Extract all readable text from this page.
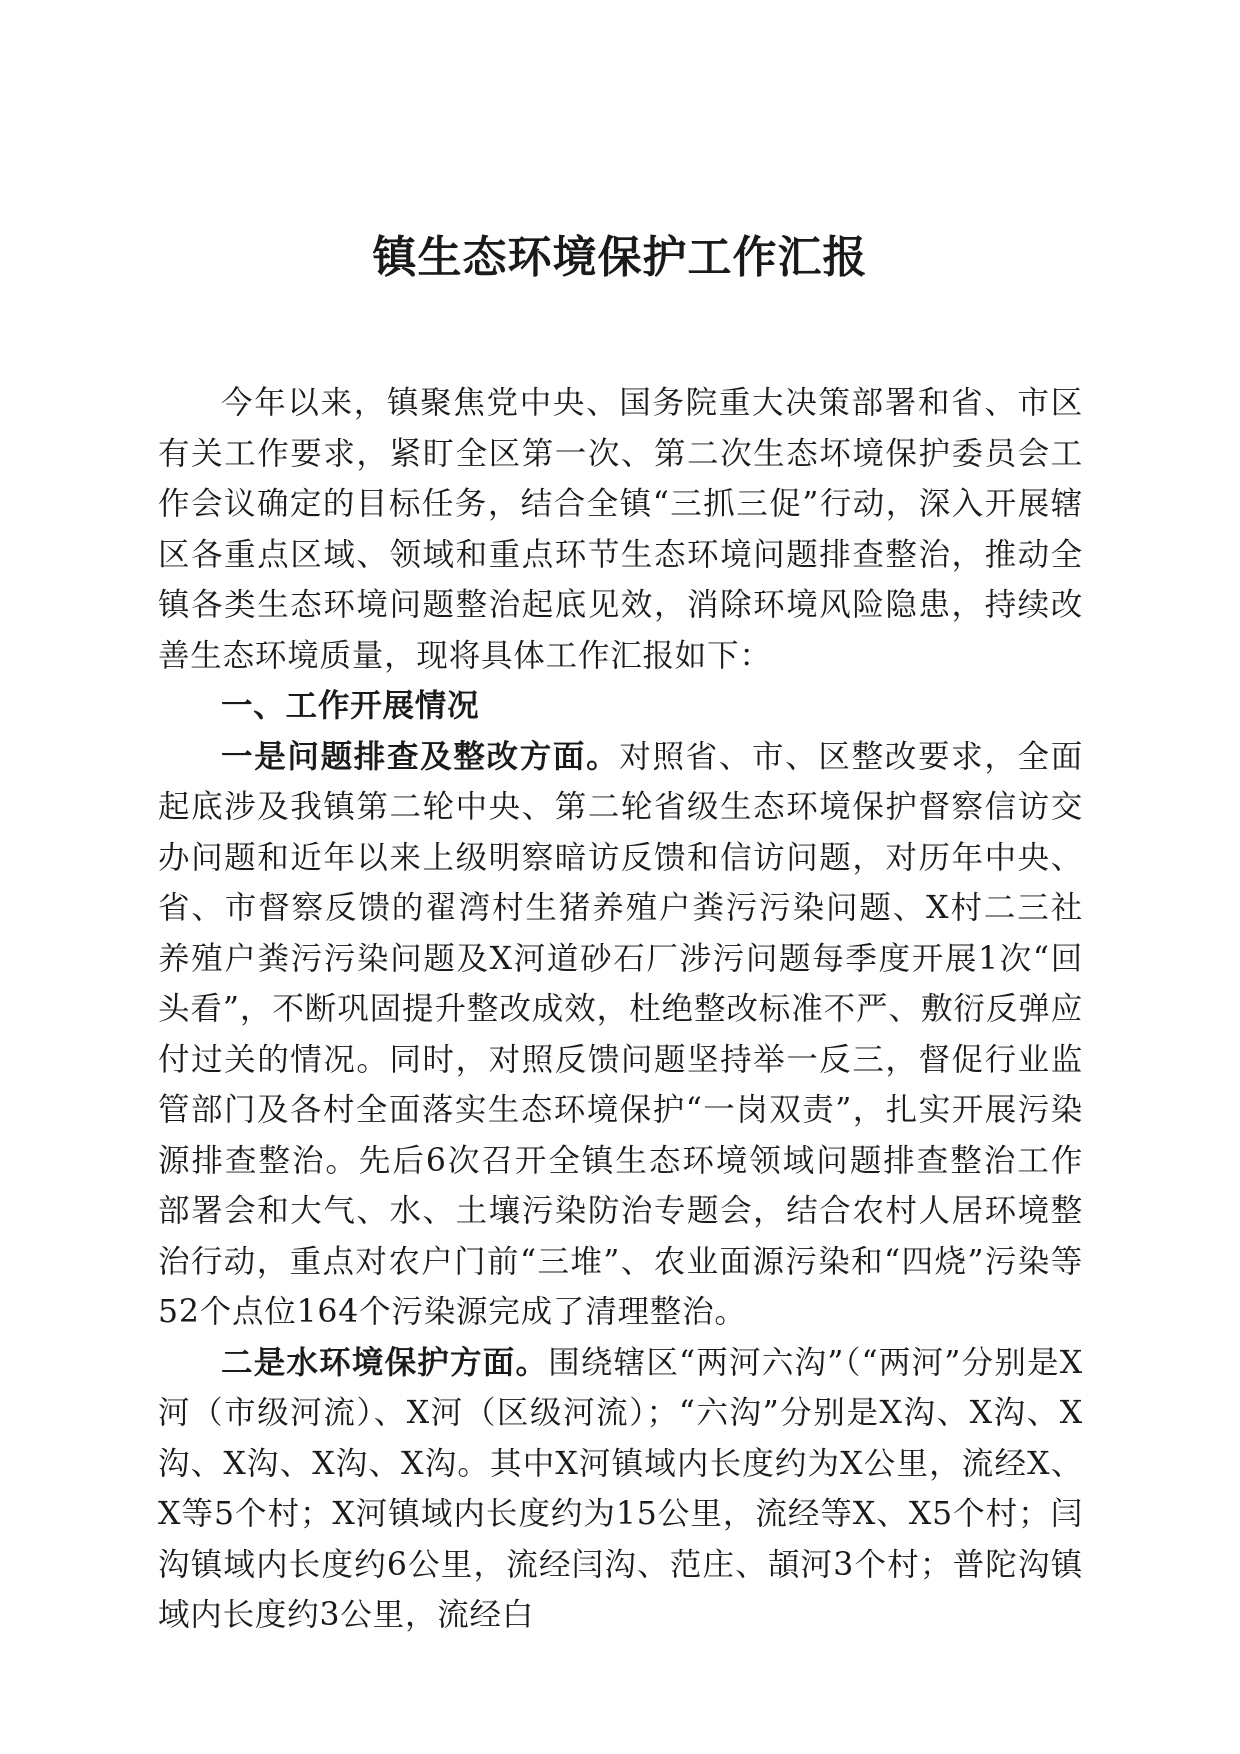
镇生态环境保护工作汇报

今年以来，镇聚焦党中央、国务院重大决策部署和省、市区有关工作要求，紧盯全区第一次、第二次生态坏境保护委员会工作会议确定的目标任务，结合全镇“三抓三促”行动，深入开展辖区各重点区域、领域和重点环节生态环境问题排查整治，推动全镇各类生态环境问题整治起底见效，消除环境风险隐患，持续改善生态环境质量，现将具体工作汇报如下：

一、工作开展情况

一是问题排查及整改方面。对照省、市、区整改要求，全面起底涉及我镇第二轮中央、第二轮省级生态环境保护督察信访交办问题和近年以来上级明察暗访反馈和信访问题，对历年中央、省、市督察反馈的翟湾村生猪养殖户粪污污染问题、X村二三社养殖户粪污污染问题及X河道砂石厂涉污问题每季度开展1次“回头看”，不断巩固提升整改成效，杜绝整改标准不严、敷衍反弹应付过关的情况。同时，对照反馈问题坚持举一反三，督促行业监管部门及各村全面落实生态环境保护“一岗双责”，扎实开展污染源排查整治。先后6次召开全镇生态环境领域问题排查整治工作部署会和大气、水、土壤污染防治专题会，结合农村人居环境整治行动，重点对农户门前“三堆”、农业面源污染和“四烧”污染等52个点位164个污染源完成了清理整治。

二是水环境保护方面。围绕辖区“两河六沟”（“两河”分别是X河（市级河流）、X河（区级河流）；“六沟”分别是X沟、X沟、X沟、X沟、X沟、X沟。其中X河镇域内长度约为X公里，流经X、X等5个村；X河镇域内长度约为15公里，流经等X、X5个村；闫沟镇域内长度约6公里，流经闫沟、范庄、頡河3个村；普陀沟镇域内长度约3公里，流经白
